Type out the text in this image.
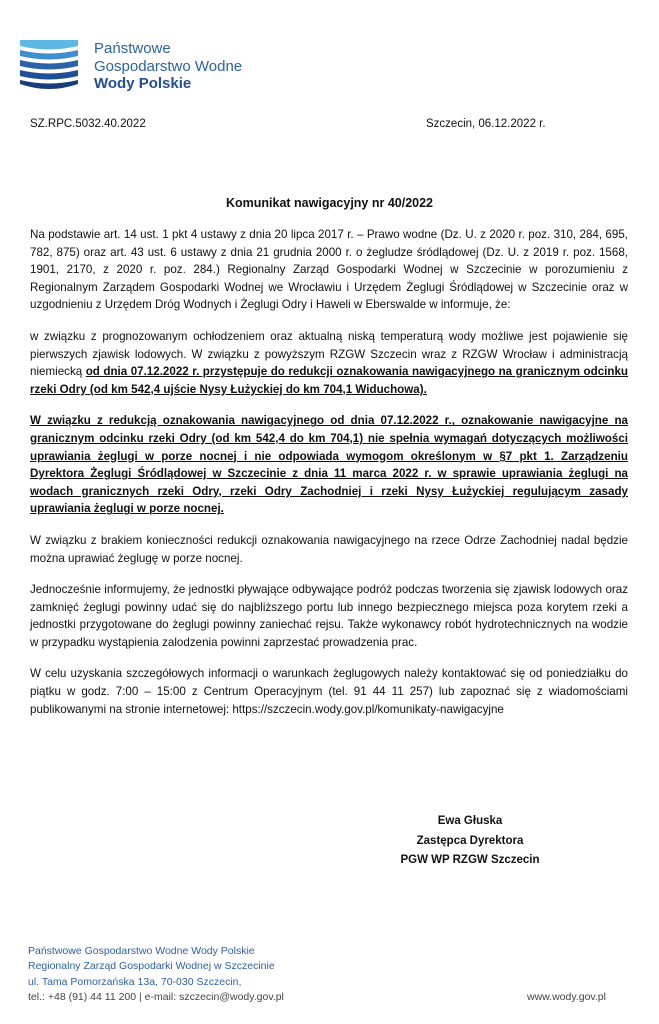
Państwowe
Gospodarstwo Wodne
Wody Polskie
SZ.RPC.5032.40.2022	Szczecin, 06.12.2022 r.
Komunikat nawigacyjny nr 40/2022

Na podstawie art. 14 ust. 1 pkt 4 ustawy z dnia 20 lipca 2017 r. – Prawo wodne (Dz. U. z 2020 r. poz. 310, 284, 695, 782, 875) oraz art. 43 ust. 6 ustawy z dnia 21 grudnia 2000 r. o żegludze śródlądowej (Dz. U. z 2019 r. poz. 1568, 1901, 2170, z 2020 r. poz. 284.) Regionalny Zarząd Gospodarki Wodnej w Szczecinie w porozumieniu z Regionalnym Zarządem Gospodarki Wodnej we Wrocławiu i Urzędem Żeglugi Śródlądowej w Szczecinie oraz w uzgodnieniu z Urzędem Dróg Wodnych i Żeglugi Odry i Haweli w Eberswalde w informuje, że:

w związku z prognozowanym ochłodzeniem oraz aktualną niską temperaturą wody możliwe jest pojawienie się pierwszych zjawisk lodowych. W związku z powyższym RZGW Szczecin wraz z RZGW Wrocław i administracją niemiecką od dnia 07.12.2022 r. przystępuje do redukcji oznakowania nawigacyjnego na granicznym odcinku rzeki Odry (od km 542,4 ujście Nysy Łużyckiej do km 704,1 Widuchowa).

W związku z redukcją oznakowania nawigacyjnego od dnia 07.12.2022 r., oznakowanie nawigacyjne na granicznym odcinku rzeki Odry (od km 542,4 do km 704,1) nie spełnia wymagań dotyczących możliwości uprawiania żeglugi w porze nocnej i nie odpowiada wymogom określonym w §7 pkt 1. Zarządzeniu Dyrektora Żeglugi Śródlądowej w Szczecinie z dnia 11 marca 2022 r. w sprawie uprawiania żeglugi na wodach granicznych rzeki Odry, rzeki Odry Zachodniej i rzeki Nysy Łużyckiej regulującym zasady uprawiania żeglugi w porze nocnej.

W związku z brakiem konieczności redukcji oznakowania nawigacyjnego na rzece Odrze Zachodniej nadal będzie można uprawiać żeglugę w porze nocnej.

Jednocześnie informujemy, że jednostki pływające odbywające podróż podczas tworzenia się zjawisk lodowych oraz zamknięć żeglugi powinny udać się do najbliższego portu lub innego bezpiecznego miejsca poza korytem rzeki a jednostki przygotowane do żeglugi powinny zaniechać rejsu. Także wykonawcy robót hydrotechnicznych na wodzie w przypadku wystąpienia zalodzenia powinni zaprzestać prowadzenia prac.

W celu uzyskania szczegółowych informacji o warunkach żeglugowych należy kontaktować się od poniedziałku do piątku w godz. 7:00 – 15:00 z Centrum Operacyjnym (tel. 91 44 11 257) lub zapoznać się z wiadomościami publikowanymi na stronie internetowej: https://szczecin.wody.gov.pl/komunikaty-nawigacyjne

Ewa Głuska
Zastępca Dyrektora
PGW WP RZGW Szczecin
Państwowe Gospodarstwo Wodne Wody Polskie
Regionalny Zarząd Gospodarki Wodnej w Szczecinie
ul. Tama Pomorzańska 13a, 70-030 Szczecin,
tel.: +48 (91) 44 11 200 | e-mail: szczecin@wody.gov.pl	www.wody.gov.pl
